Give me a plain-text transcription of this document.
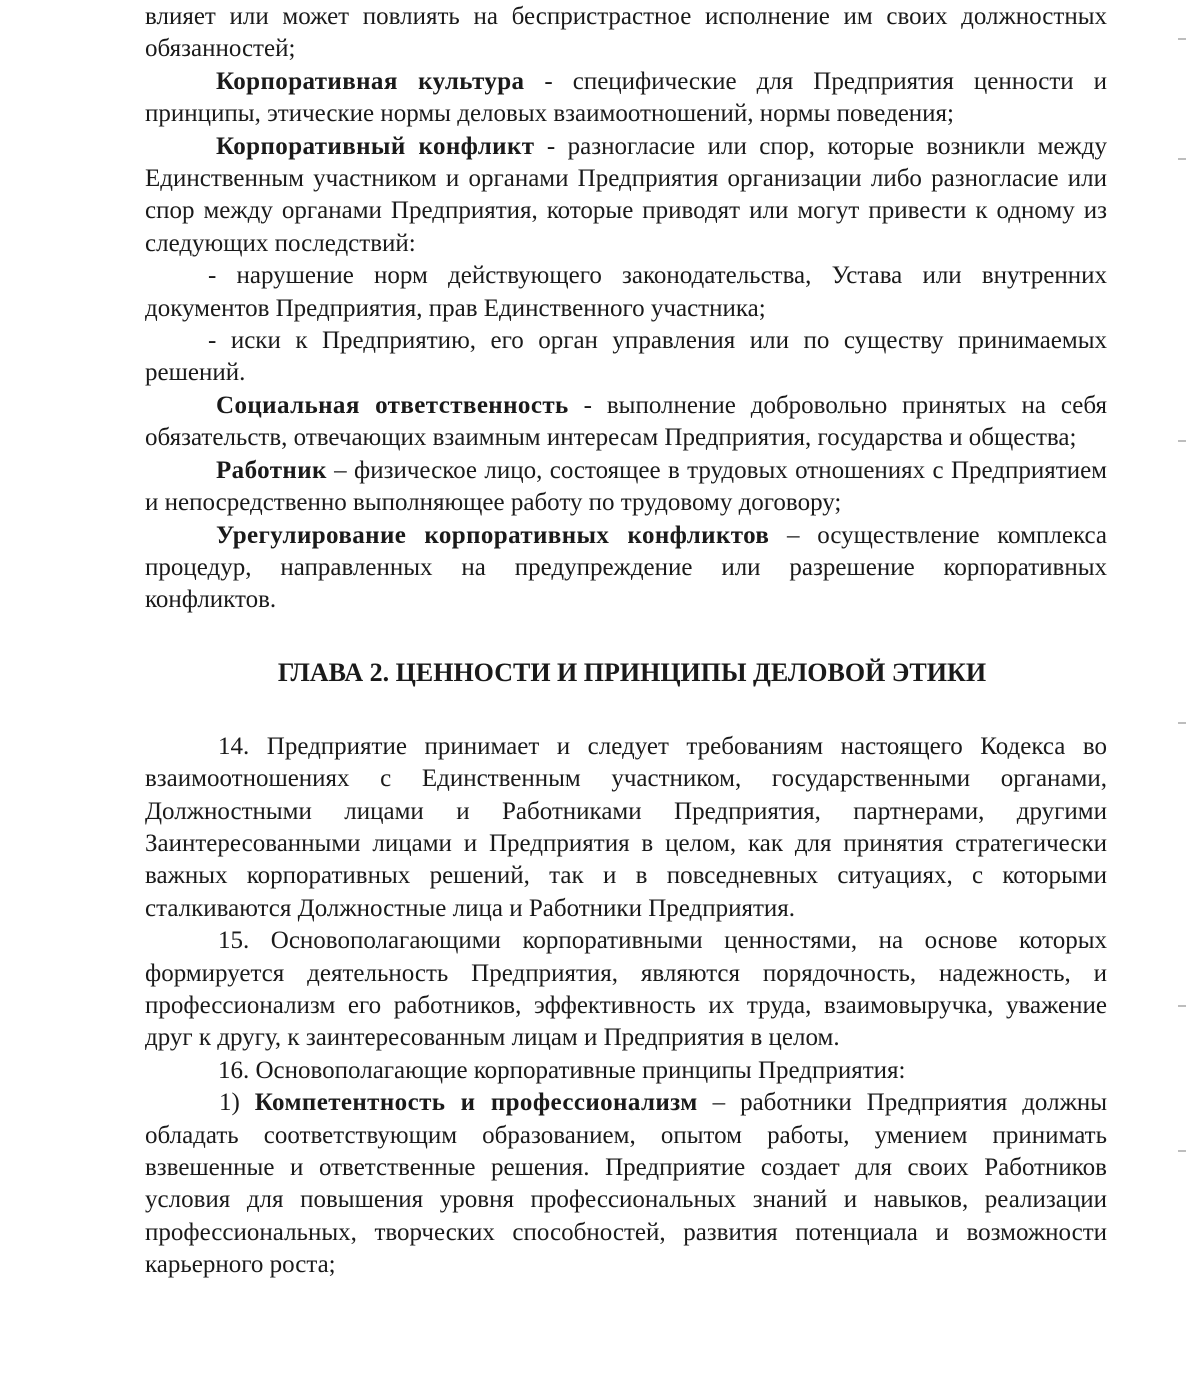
влияет или может повлиять на беспристрастное исполнение им своих должностных обязанностей;

Корпоративная культура - специфические для Предприятия ценности и принципы, этические нормы деловых взаимоотношений, нормы поведения;

Корпоративный конфликт - разногласие или спор, которые возникли между Единственным участником и органами Предприятия организации либо разногласие или спор между органами Предприятия, которые приводят или могут привести к одному из следующих последствий:

- нарушение норм действующего законодательства, Устава или внутренних документов Предприятия, прав Единственного участника;

- иски к Предприятию, его орган управления или по существу принимаемых решений.

Социальная ответственность - выполнение добровольно принятых на себя обязательств, отвечающих взаимным интересам Предприятия, государства и общества;

Работник – физическое лицо, состоящее в трудовых отношениях с Предприятием и непосредственно выполняющее работу по трудовому договору;

Урегулирование корпоративных конфликтов – осуществление комплекса процедур, направленных на предупреждение или разрешение корпоративных конфликтов.

ГЛАВА 2. ЦЕННОСТИ И ПРИНЦИПЫ ДЕЛОВОЙ ЭТИКИ

14. Предприятие принимает и следует требованиям настоящего Кодекса во взаимоотношениях с Единственным участником, государственными органами, Должностными лицами и Работниками Предприятия, партнерами, другими Заинтересованными лицами и Предприятия в целом, как для принятия стратегически важных корпоративных решений, так и в повседневных ситуациях, с которыми сталкиваются Должностные лица и Работники Предприятия.

15. Основополагающими корпоративными ценностями, на основе которых формируется деятельность Предприятия, являются порядочность, надежность, и профессионализм его работников, эффективность их труда, взаимовыручка, уважение друг к другу, к заинтересованным лицам и Предприятия в целом.

16. Основополагающие корпоративные принципы Предприятия:

1) Компетентность и профессионализм – работники Предприятия должны обладать соответствующим образованием, опытом работы, умением принимать взвешенные и ответственные решения. Предприятие создает для своих Работников условия для повышения уровня профессиональных знаний и навыков, реализации профессиональных, творческих способностей, развития потенциала и возможности карьерного роста;
